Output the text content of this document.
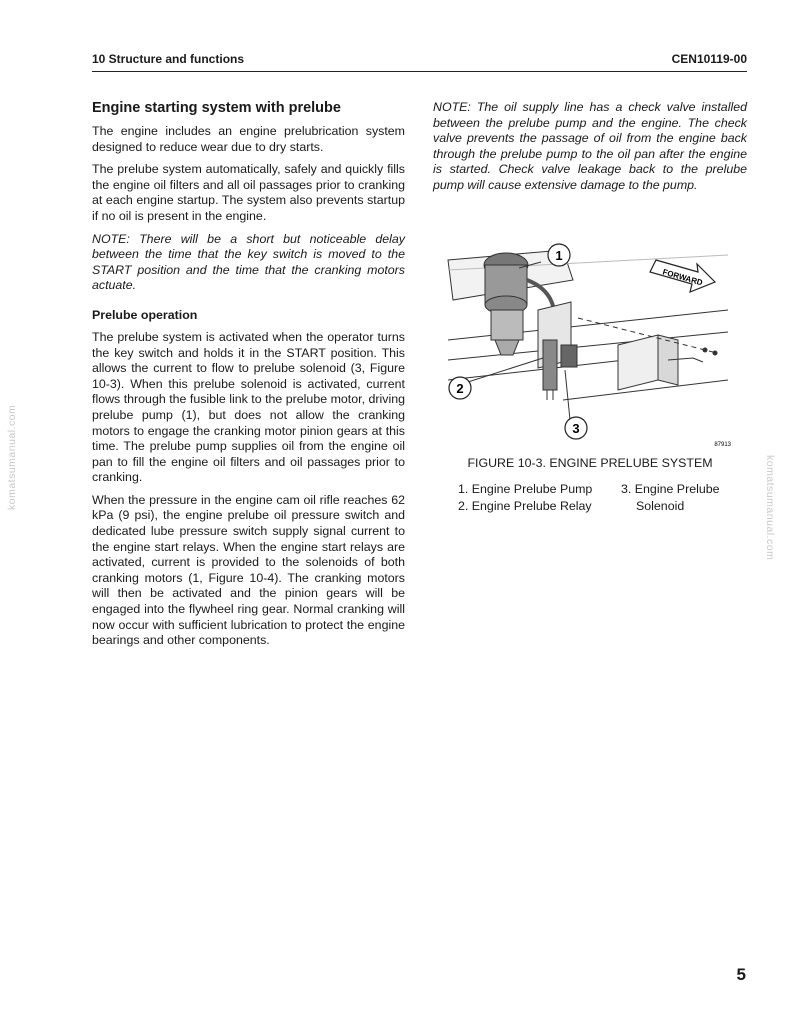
10 Structure and functions	CEN10119-00
Engine starting system with prelube

The engine includes an engine prelubrication system designed to reduce wear due to dry starts.

The prelube system automatically, safely and quickly fills the engine oil filters and all oil passages prior to cranking at each engine startup. The system also prevents startup if no oil is present in the engine.

NOTE: There will be a short but noticeable delay between the time that the key switch is moved to the START position and the time that the cranking motors actuate.

Prelube operation

The prelube system is activated when the operator turns the key switch and holds it in the START position. This allows the current to flow to prelube solenoid (3, Figure 10-3). When this prelube solenoid is activated, current flows through the fusible link to the prelube motor, driving prelube pump (1), but does not allow the cranking motors to engage the cranking motor pinion gears at this time. The prelube pump supplies oil from the engine oil pan to fill the engine oil filters and oil passages prior to cranking.

When the pressure in the engine cam oil rifle reaches 62 kPa (9 psi), the engine prelube oil pressure switch and dedicated lube pressure switch supply signal current to the engine start relays. When the engine start relays are activated, current is provided to the solenoids of both cranking motors (1, Figure 10-4). The cranking motors will then be activated and the pinion gears will be engaged into the flywheel ring gear. Normal cranking will now occur with sufficient lubrication to protect the engine bearings and other components.

NOTE: The oil supply line has a check valve installed between the prelube pump and the engine. The check valve prevents the passage of oil from the engine back through the prelube pump to the oil pan after the engine is started. Check valve leakage back to the prelube pump will cause extensive damage to the pump.

FORWARD
1
2
3
87913
FIGURE 10-3. ENGINE PRELUBE SYSTEM
1. Engine Prelube Pump
2. Engine Prelube Relay
3. Engine Prelube
Solenoid
komatsumanual.com	komatsumanual.com
5
